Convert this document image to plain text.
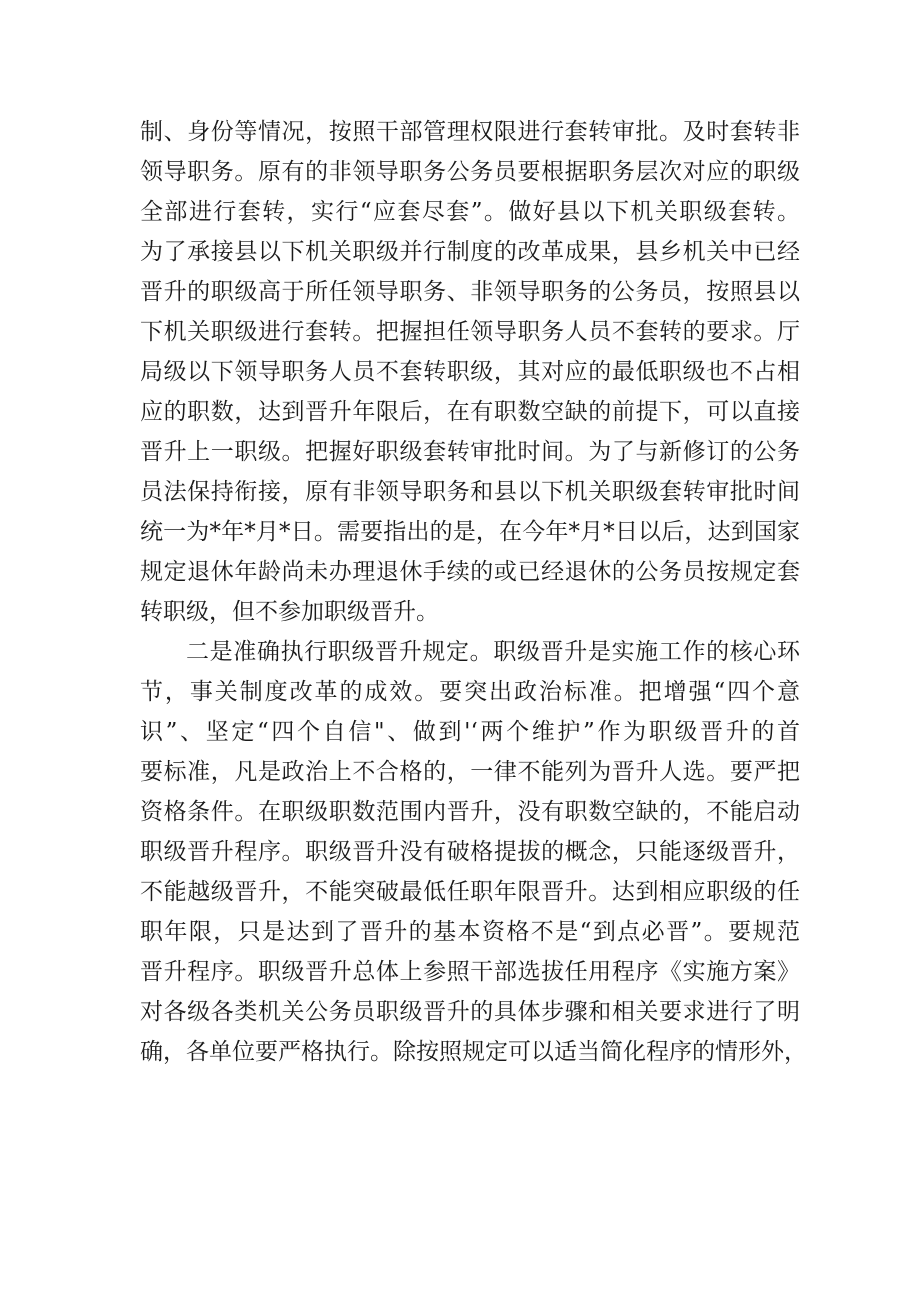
制、身份等情况，按照干部管理权限进行套转审批。及时套转非
领导职务。原有的非领导职务公务员要根据职务层次对应的职级
全部进行套转，实行“应套尽套”。做好县以下机关职级套转。
为了承接县以下机关职级并行制度的改革成果，县乡机关中已经
晋升的职级高于所任领导职务、非领导职务的公务员，按照县以
下机关职级进行套转。把握担任领导职务人员不套转的要求。厅
局级以下领导职务人员不套转职级，其对应的最低职级也不占相
应的职数，达到晋升年限后，在有职数空缺的前提下，可以直接
晋升上一职级。把握好职级套转审批时间。为了与新修订的公务
员法保持衔接，原有非领导职务和县以下机关职级套转审批时间
统一为*年*月*日。需要指出的是，在今年*月*日以后，达到国家
规定退休年龄尚未办理退休手续的或已经退休的公务员按规定套
转职级，但不参加职级晋升。
二是准确执行职级晋升规定。职级晋升是实施工作的核心环
节，事关制度改革的成效。要突出政治标准。把增强“四个意
识”、坚定“四个自信"、做到'‘两个维护”作为职级晋升的首
要标准，凡是政治上不合格的，一律不能列为晋升人选。要严把
资格条件。在职级职数范围内晋升，没有职数空缺的，不能启动
职级晋升程序。职级晋升没有破格提拔的概念，只能逐级晋升，
不能越级晋升，不能突破最低任职年限晋升。达到相应职级的任
职年限，只是达到了晋升的基本资格不是“到点必晋”。要规范
晋升程序。职级晋升总体上参照干部选拔任用程序《实施方案》
对各级各类机关公务员职级晋升的具体步骤和相关要求进行了明
确，各单位要严格执行。除按照规定可以适当简化程序的情形外，
